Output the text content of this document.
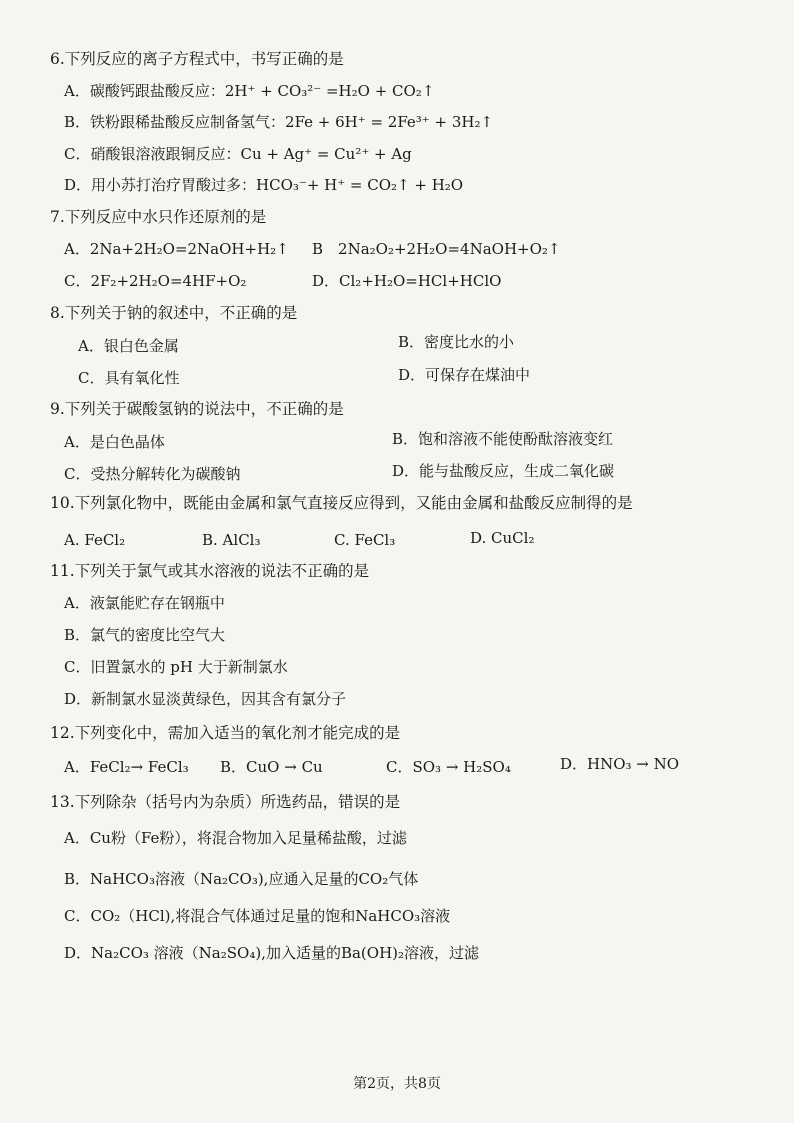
6.下列反应的离子方程式中，书写正确的是
A．碳酸钙跟盐酸反应：2H⁺ + CO₃²⁻ =H₂O + CO₂↑
B．铁粉跟稀盐酸反应制备氢气：2Fe + 6H⁺ = 2Fe³⁺ + 3H₂↑
C．硝酸银溶液跟铜反应：Cu + Ag⁺ = Cu²⁺ + Ag
D．用小苏打治疗胃酸过多：HCO₃⁻+ H⁺ = CO₂↑ + H₂O
7.下列反应中水只作还原剂的是
A．2Na+2H₂O=2NaOH+H₂↑ B　2Na₂O₂+2H₂O=4NaOH+O₂↑
C．2F₂+2H₂O=4HF+O₂	D．Cl₂+H₂O=HCl+HClO
8.下列关于钠的叙述中，不正确的是
A．银白色金属	B．密度比水的小
C．具有氧化性	D．可保存在煤油中
9.下列关于碳酸氢钠的说法中，不正确的是
A．是白色晶体	B．饱和溶液不能使酚酞溶液变红
C．受热分解转化为碳酸钠	D．能与盐酸反应，生成二氧化碳
10.下列氯化物中，既能由金属和氯气直接反应得到，又能由金属和盐酸反应制得的是
A. FeCl₂	B. AlCl₃	C. FeCl₃	D. CuCl₂
11.下列关于氯气或其水溶液的说法不正确的是
A．液氯能贮存在钢瓶中
B．氯气的密度比空气大
C．旧置氯水的 pH 大于新制氯水
D．新制氯水显淡黄绿色，因其含有氯分子
12.下列变化中，需加入适当的氧化剂才能完成的是
A．FeCl₂→ FeCl₃ B．CuO → Cu	C．SO₃ → H₂SO₄	D．HNO₃ → NO
13.下列除杂（括号内为杂质）所选药品，错误的是
A．Cu粉（Fe粉），将混合物加入足量稀盐酸，过滤
B．NaHCO₃溶液（Na₂CO₃),应通入足量的CO₂气体
C．CO₂（HCl),将混合气体通过足量的饱和NaHCO₃溶液
D．Na₂CO₃ 溶液（Na₂SO₄),加入适量的Ba(OH)₂溶液，过滤
第2页，共8页
